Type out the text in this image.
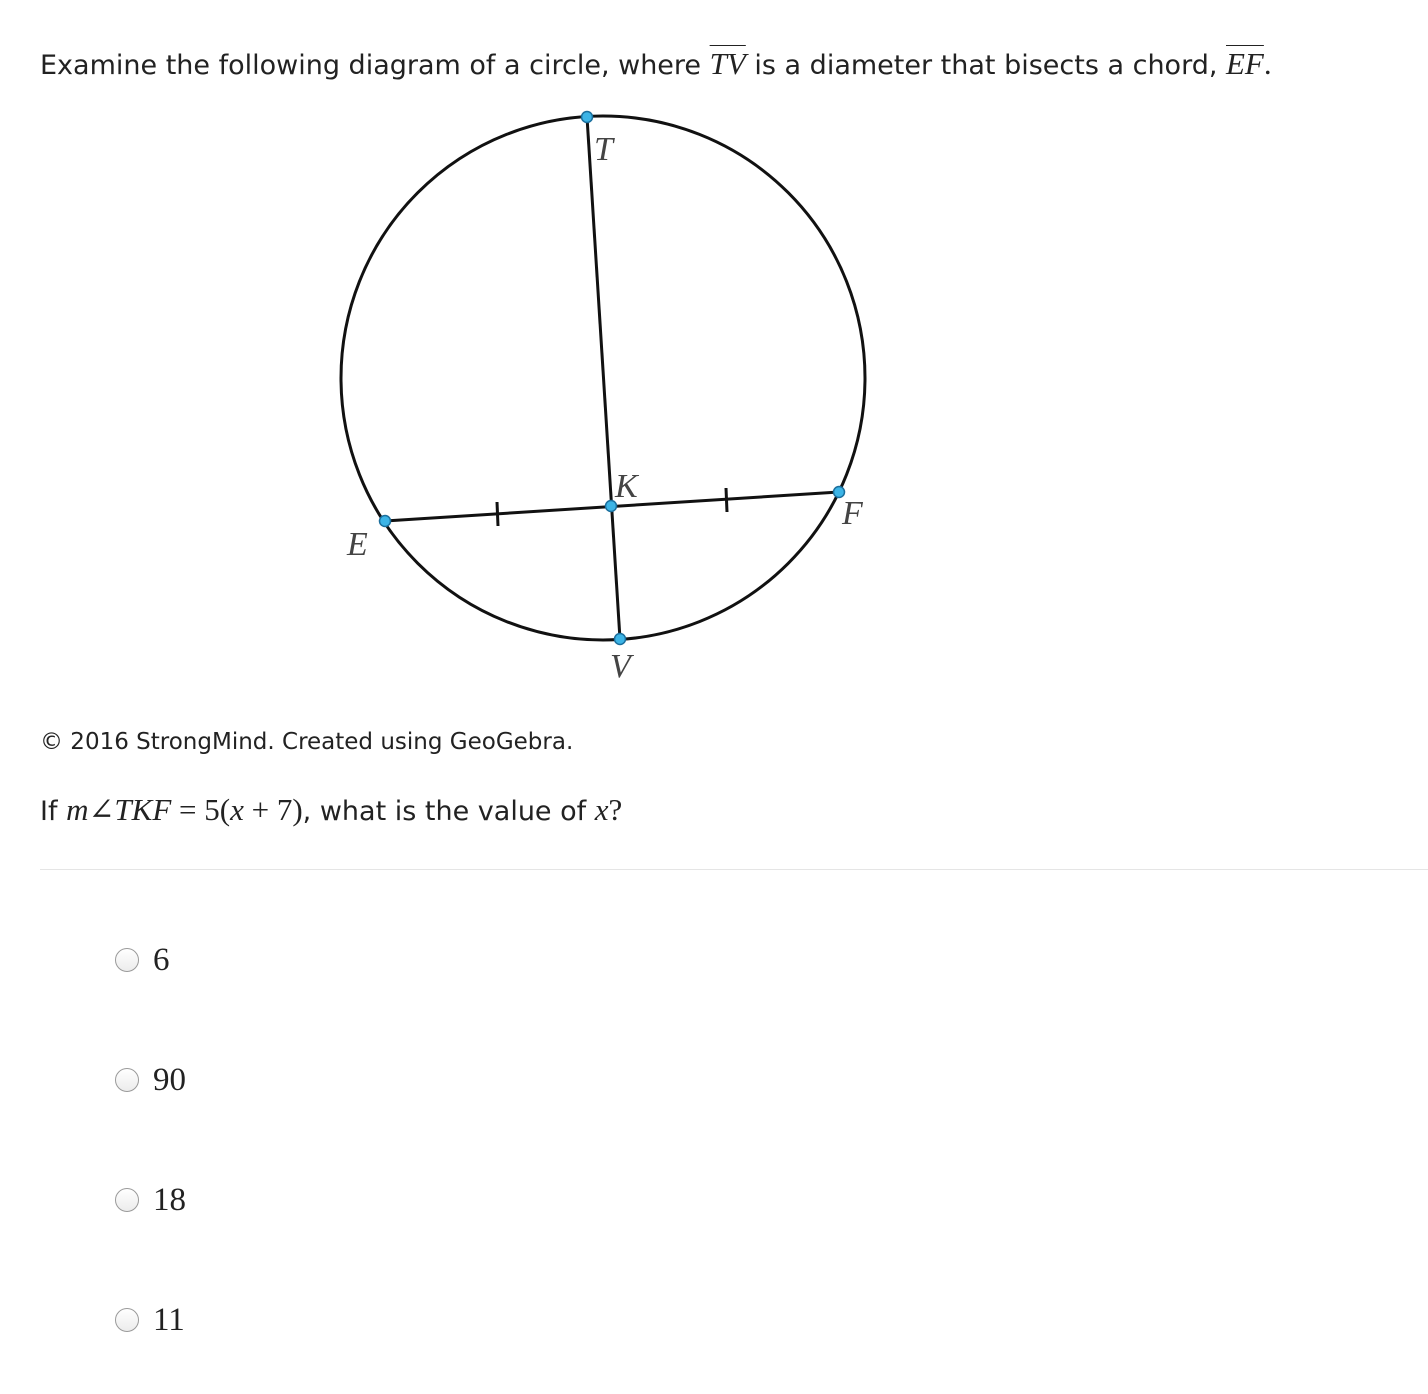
Examine the following diagram of a circle, where $\overline{TV}$ is a diameter that bisects a chord, $\overline{EF}$.
T
K
E
F
V
© 2016 StrongMind. Created using GeoGebra.
If m∠TKF = 5(x + 7), what is the value of x?
6
90
18
11
